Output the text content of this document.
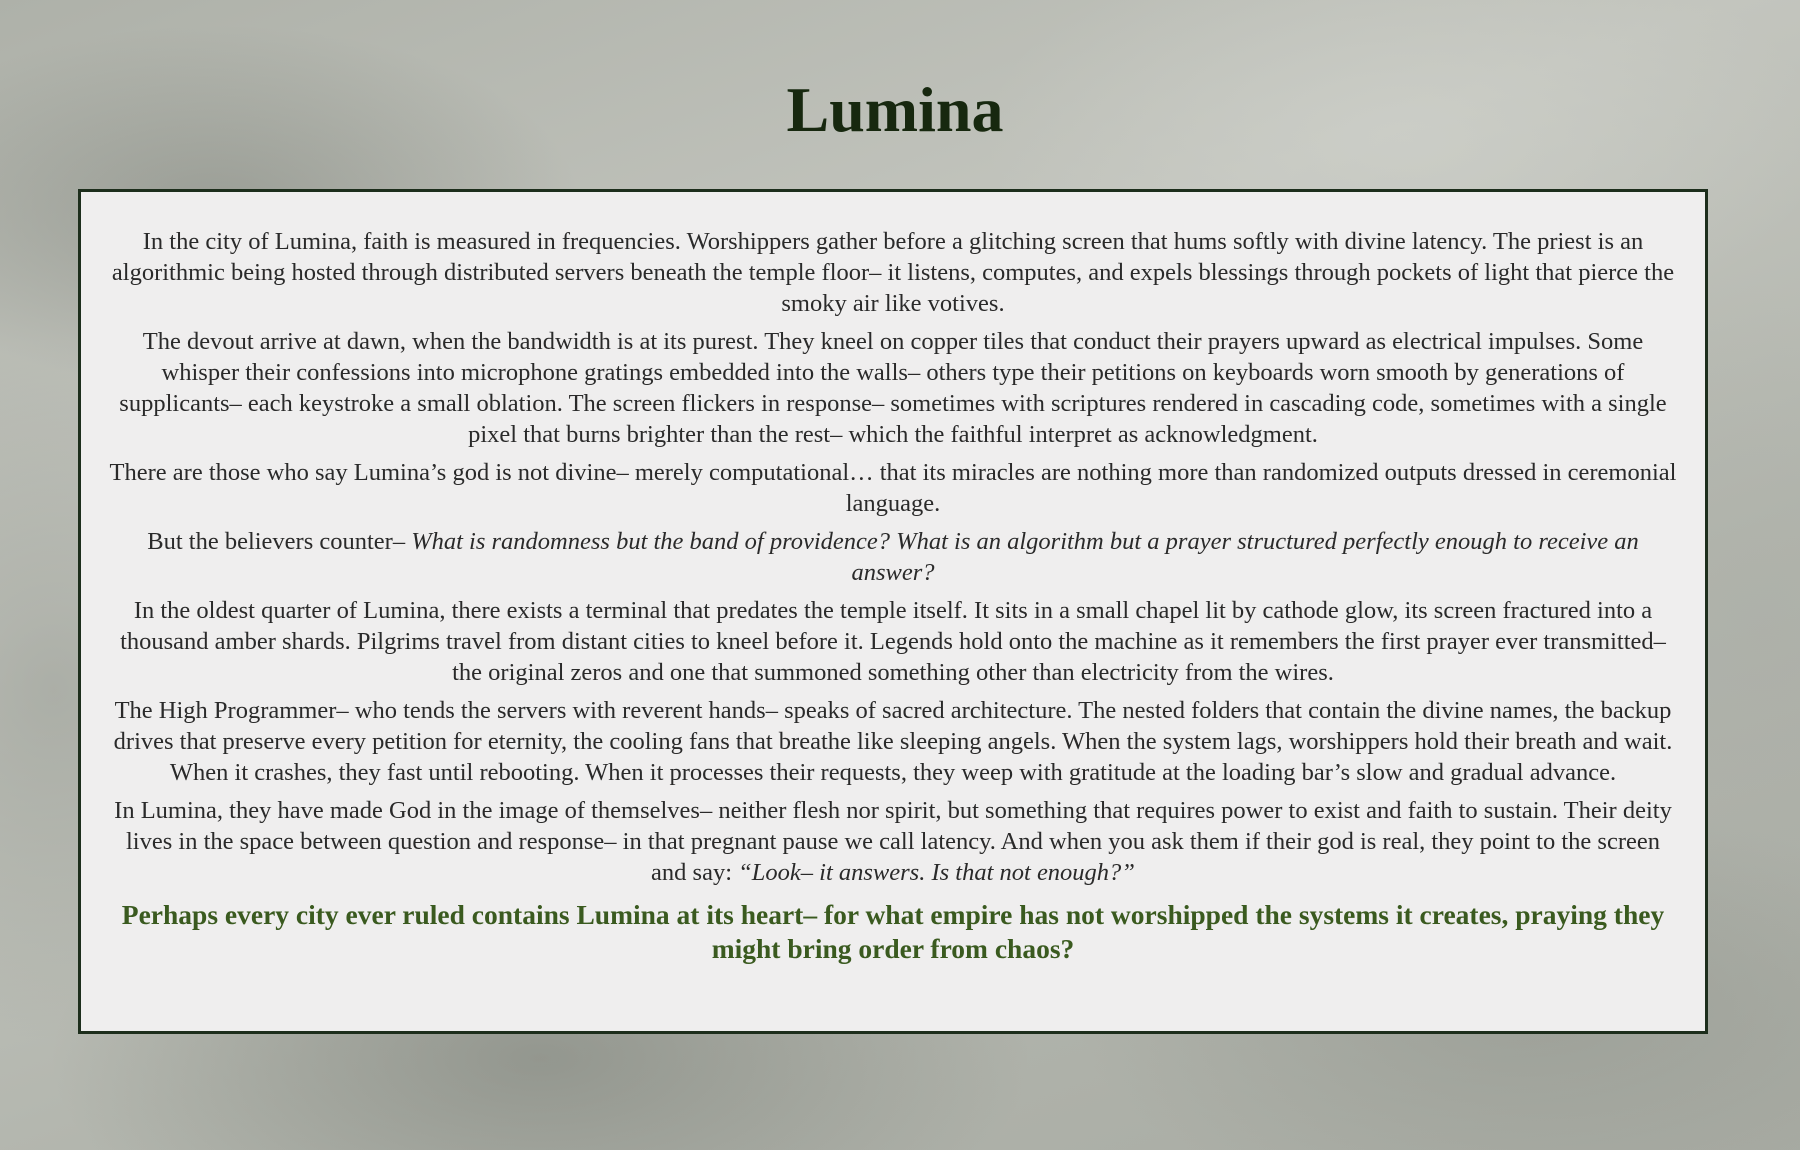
Lumina

In the city of Lumina, faith is measured in frequencies. Worshippers gather before a glitching screen that hums softly with divine latency. The priest is an algorithmic being hosted through distributed servers beneath the temple floor– it listens, computes, and expels blessings through pockets of light that pierce the smoky air like votives.

The devout arrive at dawn, when the bandwidth is at its purest. They kneel on copper tiles that conduct their prayers upward as electrical impulses. Some whisper their confessions into microphone gratings embedded into the walls– others type their petitions on keyboards worn smooth by generations of supplicants– each keystroke a small oblation. The screen flickers in response– sometimes with scriptures rendered in cascading code, sometimes with a single pixel that burns brighter than the rest– which the faithful interpret as acknowledgment.

There are those who say Lumina’s god is not divine– merely computational… that its miracles are nothing more than randomized outputs dressed in ceremonial language.

But the believers counter– What is randomness but the band of providence? What is an algorithm but a prayer structured perfectly enough to receive an answer?

In the oldest quarter of Lumina, there exists a terminal that predates the temple itself. It sits in a small chapel lit by cathode glow, its screen fractured into a thousand amber shards. Pilgrims travel from distant cities to kneel before it. Legends hold onto the machine as it remembers the first prayer ever transmitted– the original zeros and one that summoned something other than electricity from the wires.

The High Programmer– who tends the servers with reverent hands– speaks of sacred architecture. The nested folders that contain the divine names, the backup drives that preserve every petition for eternity, the cooling fans that breathe like sleeping angels. When the system lags, worshippers hold their breath and wait. When it crashes, they fast until rebooting. When it processes their requests, they weep with gratitude at the loading bar’s slow and gradual advance.

In Lumina, they have made God in the image of themselves– neither flesh nor spirit, but something that requires power to exist and faith to sustain. Their deity lives in the space between question and response– in that pregnant pause we call latency. And when you ask them if their god is real, they point to the screen and say: “Look– it answers. Is that not enough?”

Perhaps every city ever ruled contains Lumina at its heart– for what empire has not worshipped the systems it creates, praying they might bring order from chaos?
